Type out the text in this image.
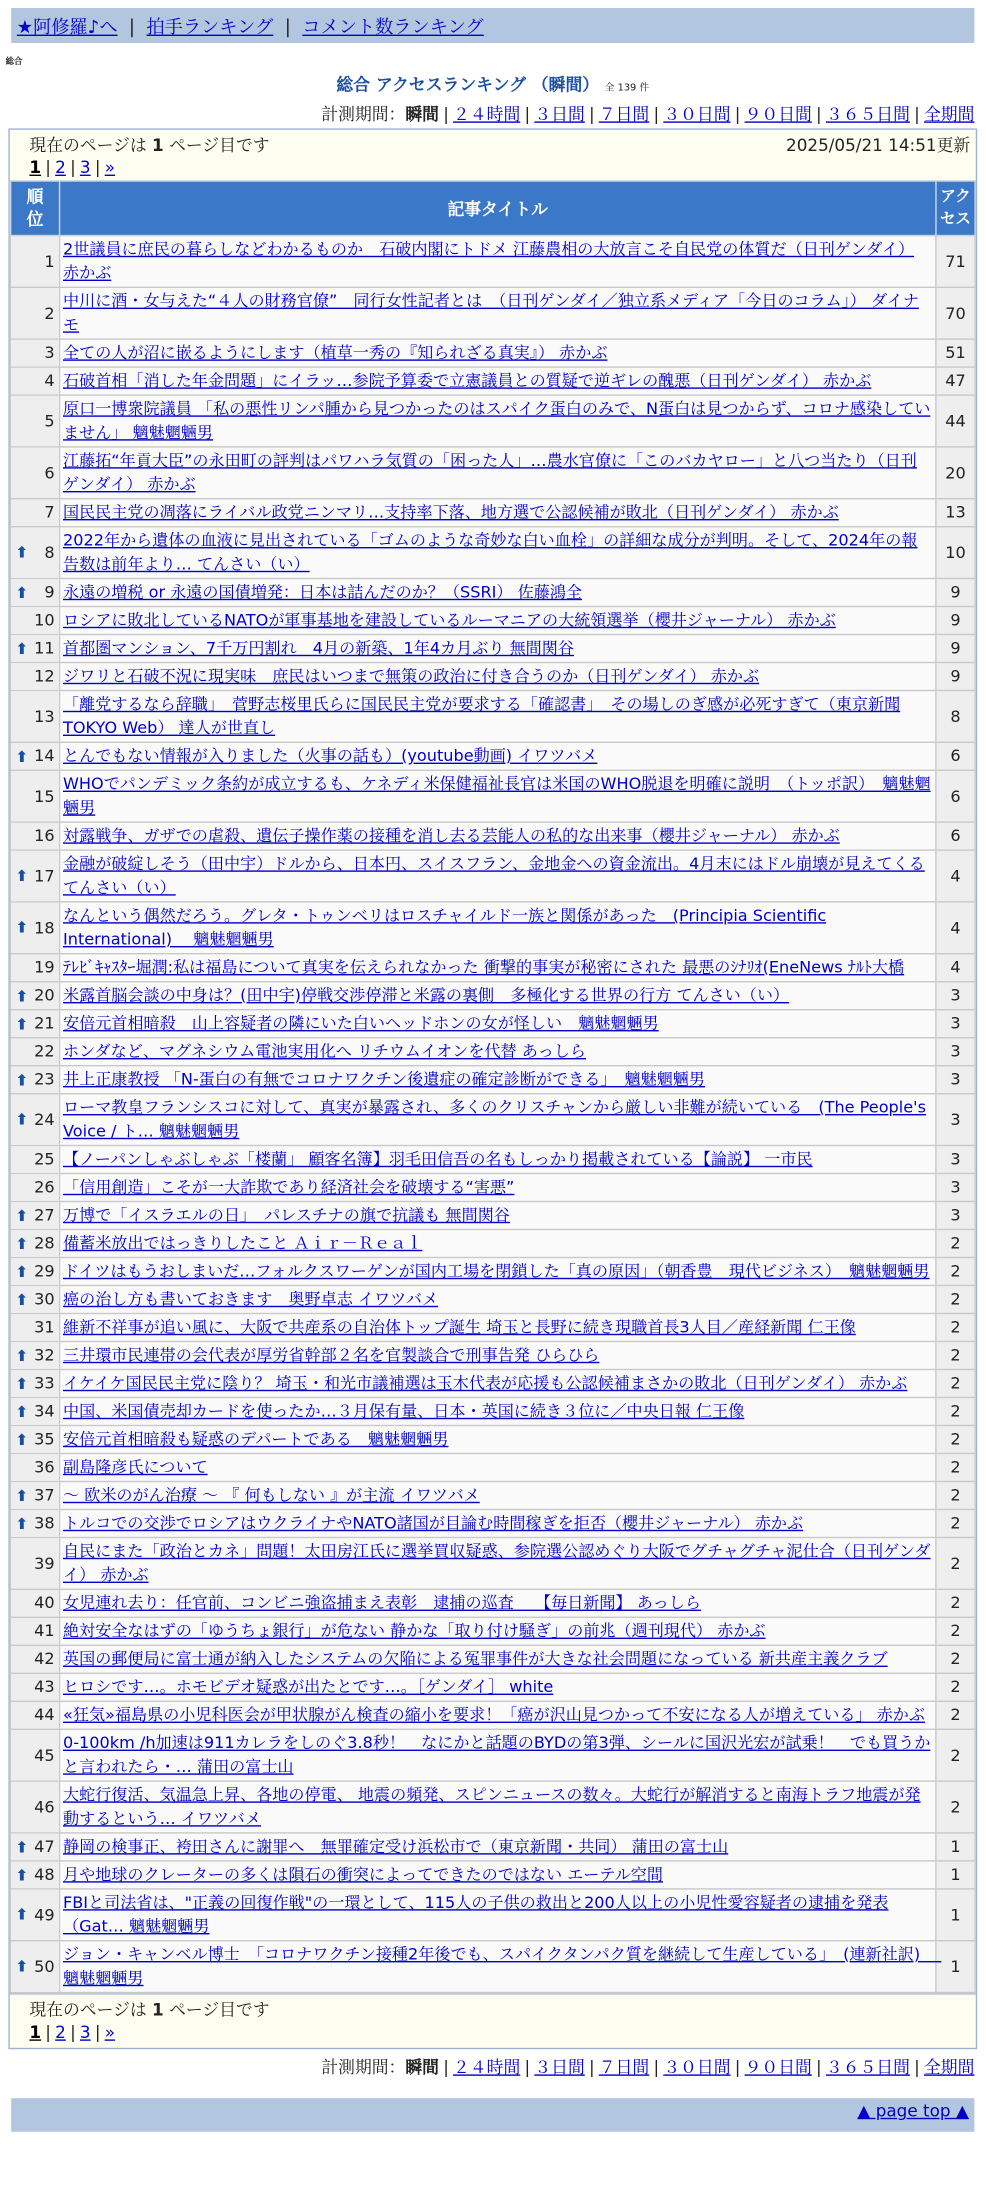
★阿修羅♪へ | 拍手ランキング | コメント数ランキング
総合
総合 アクセスランキング （瞬間） 全 139 件
計測期間：瞬間 | ２４時間 | ３日間 | ７日間 | ３０日間 | ９０日間 | ３６５日間 | 全期間
現在のページは 1 ページ目です	2025/05/21 14:51更新
1 | 2 | 3 | »
順位	記事タイトル	アクセス
1	2世議員に庶民の暮らしなどわかるものか　石破内閣にトドメ 江藤農相の大放言こそ自民党の体質だ（日刊ゲンダイ） 赤かぶ	71
2	中川に酒・女与えた“４人の財務官僚”　同行女性記者とは　（日刊ゲンダイ／独立系メディア「今日のコラム」） ダイナモ	70
3	全ての人が沼に嵌るようにします（植草一秀の『知られざる真実』） 赤かぶ	51
4	石破首相「消した年金問題」にイラッ…参院予算委で立憲議員との質疑で逆ギレの醜悪（日刊ゲンダイ） 赤かぶ	47
5	原口一博衆院議員 「私の悪性リンパ腫から見つかったのはスパイク蛋白のみで、N蛋白は見つからず、コロナ感染していません」 魑魅魍魎男	44
6	江藤拓“年貢大臣”の永田町の評判はパワハラ気質の「困った人」…農水官僚に「このバカヤロー」と八つ当たり（日刊ゲンダイ） 赤かぶ	20
7	国民民主党の凋落にライバル政党ニンマリ…支持率下落、地方選で公認候補が敗北（日刊ゲンダイ） 赤かぶ	13

⬆ 8	2022年から遺体の血液に見出されている「ゴムのような奇妙な白い血栓」の詳細な成分が判明。そして、2024年の報告数は前年より… てんさい（い）	10

⬆ 9	永遠の増税 or 永遠の国債増発：日本は詰んだのか？（SSRI） 佐藤鴻全	9
10	ロシアに敗北しているNATOが軍事基地を建設しているルーマニアの大統領選挙（櫻井ジャーナル） 赤かぶ	9

⬆ 11	首都圏マンション、7千万円割れ　4月の新築、1年4カ月ぶり 無間関谷	9
12	ジワリと石破不況に現実味　庶民はいつまで無策の政治に付き合うのか（日刊ゲンダイ） 赤かぶ	9
13	「離党するなら辞職」　菅野志桜里氏らに国民民主党が要求する「確認書」　その場しのぎ感が必死すぎて（東京新聞TOKYO Web） 達人が世直し	8

⬆ 14	とんでもない情報が入りました（火事の話も）(youtube動画) イワツバメ	6
15	WHOでパンデミック条約が成立するも、ケネディ米保健福祉長官は米国のWHO脱退を明確に説明　（トッポ訳）　魑魅魍魎男	6
16	対露戦争、ガザでの虐殺、遺伝子操作薬の接種を消し去る芸能人の私的な出来事（櫻井ジャーナル） 赤かぶ	6

⬆ 17	金融が破綻しそう（田中宇）ドルから、日本円、スイスフラン、金地金への資金流出。4月末にはドル崩壊が見えてくる てんさい（い）	4

⬆ 18	なんという偶然だろう。グレタ・トゥンベリはロスチャイルド一族と関係があった　(Principia Scientific International)　 魑魅魍魎男	4
19	ﾃﾚﾋﾞｷｬｽﾀｰ堀潤:私は福島について真実を伝えられなかった 衝撃的事実が秘密にされた 最悪のｼﾅﾘｵ(EneNews ﾅﾙﾄ大橋	4

⬆ 20	米露首脳会談の中身は？(田中宇)停戦交渉停滞と米露の裏側　多極化する世界の行方 てんさい（い）	3

⬆ 21	安倍元首相暗殺　山上容疑者の隣にいた白いヘッドホンの女が怪しい　魑魅魍魎男	3
22	ホンダなど、マグネシウム電池実用化へ リチウムイオンを代替 あっしら	3

⬆ 23	井上正康教授 「N-蛋白の有無でコロナワクチン後遺症の確定診断ができる」　魑魅魍魎男	3

⬆ 24	ローマ教皇フランシスコに対して、真実が暴露され、多くのクリスチャンから厳しい非難が続いている　(The People's Voice / ト… 魑魅魍魎男	3
25	【ノーパンしゃぶしゃぶ「楼蘭」 顧客名簿】羽毛田信吾の名もしっかり掲載されている【論説】 一市民	3
26	「信用創造」こそが一大詐欺であり経済社会を破壊する“害悪”	3

⬆ 27	万博で「イスラエルの日」　パレスチナの旗で抗議も 無間関谷	3

⬆ 28	備蓄米放出ではっきりしたこと Ａｉｒ－Ｒｅａｌ	2

⬆ 29	ドイツはもうおしまいだ…フォルクスワーゲンが国内工場を閉鎖した「真の原因」（朝香豊　現代ビジネス）　魑魅魍魎男	2

⬆ 30	癌の治し方も書いておきます　奥野卓志 イワツバメ	2
31	維新不祥事が追い風に、大阪で共産系の自治体トップ誕生 埼玉と長野に続き現職首長3人目／産経新聞 仁王像	2

⬆ 32	三井環市民連帯の会代表が厚労省幹部２名を官製談合で刑事告発 ひらひら	2

⬆ 33	イケイケ国民民主党に陰り？ 埼玉・和光市議補選は玉木代表が応援も公認候補まさかの敗北（日刊ゲンダイ） 赤かぶ	2

⬆ 34	中国、米国債売却カードを使ったか…３月保有量、日本・英国に続き３位に／中央日報 仁王像	2

⬆ 35	安倍元首相暗殺も疑惑のデパートである　魑魅魍魎男	2
36	副島隆彦氏について	2

⬆ 37	～ 欧米のがん治療 ～ 『 何もしない 』が主流 イワツバメ	2

⬆ 38	トルコでの交渉でロシアはウクライナやNATO諸国が目論む時間稼ぎを拒否（櫻井ジャーナル） 赤かぶ	2
39	自民にまた「政治とカネ」問題！太田房江氏に選挙買収疑惑、参院選公認めぐり大阪でグチャグチャ泥仕合（日刊ゲンダイ） 赤かぶ	2
40	女児連れ去り：任官前、コンビニ強盗捕まえ表彰　逮捕の巡査　 【毎日新聞】 あっしら	2
41	絶対安全なはずの「ゆうちょ銀行」が危ない 静かな「取り付け騒ぎ」の前兆（週刊現代） 赤かぶ	2
42	英国の郵便局に富士通が納入したシステムの欠陥による冤罪事件が大きな社会問題になっている 新共産主義クラブ	2
43	ヒロシです…。ホモビデオ疑惑が出たとです…。［ゲンダイ］ white	2
44	«狂気»福島県の小児科医会が甲状腺がん検査の縮小を要求！「癌が沢山見つかって不安になる人が増えている」 赤かぶ	2
45	0-100km /h加速は911カレラをしのぐ3.8秒！　なにかと話題のBYDの第3弾、シールに国沢光宏が試乗！　でも買うかと言われたら・… 蒲田の富士山	2
46	大蛇行復活、気温急上昇、各地の停電、 地震の頻発、スピンニュースの数々。大蛇行が解消すると南海トラフ地震が発動するという… イワツバメ	2

⬆ 47	静岡の検事正、袴田さんに謝罪へ　無罪確定受け浜松市で（東京新聞・共同） 蒲田の富士山	1

⬆ 48	月や地球のクレーターの多くは隕石の衝突によってできたのではない エーテル空間	1

⬆ 49	FBIと司法省は、"正義の回復作戦"の一環として、115人の子供の救出と200人以上の小児性愛容疑者の逮捕を発表（Gat… 魑魅魍魎男	1

⬆ 50	ジョン・キャンベル博士　「コロナワクチン接種2年後でも、スパイクタンパク質を継続して生産している」　(連新社訳)　 魑魅魍魎男	1
現在のページは 1 ページ目です
1 | 2 | 3 | »
計測期間：瞬間 | ２４時間 | ３日間 | ７日間 | ３０日間 | ９０日間 | ３６５日間 | 全期間
▲ page top ▲
